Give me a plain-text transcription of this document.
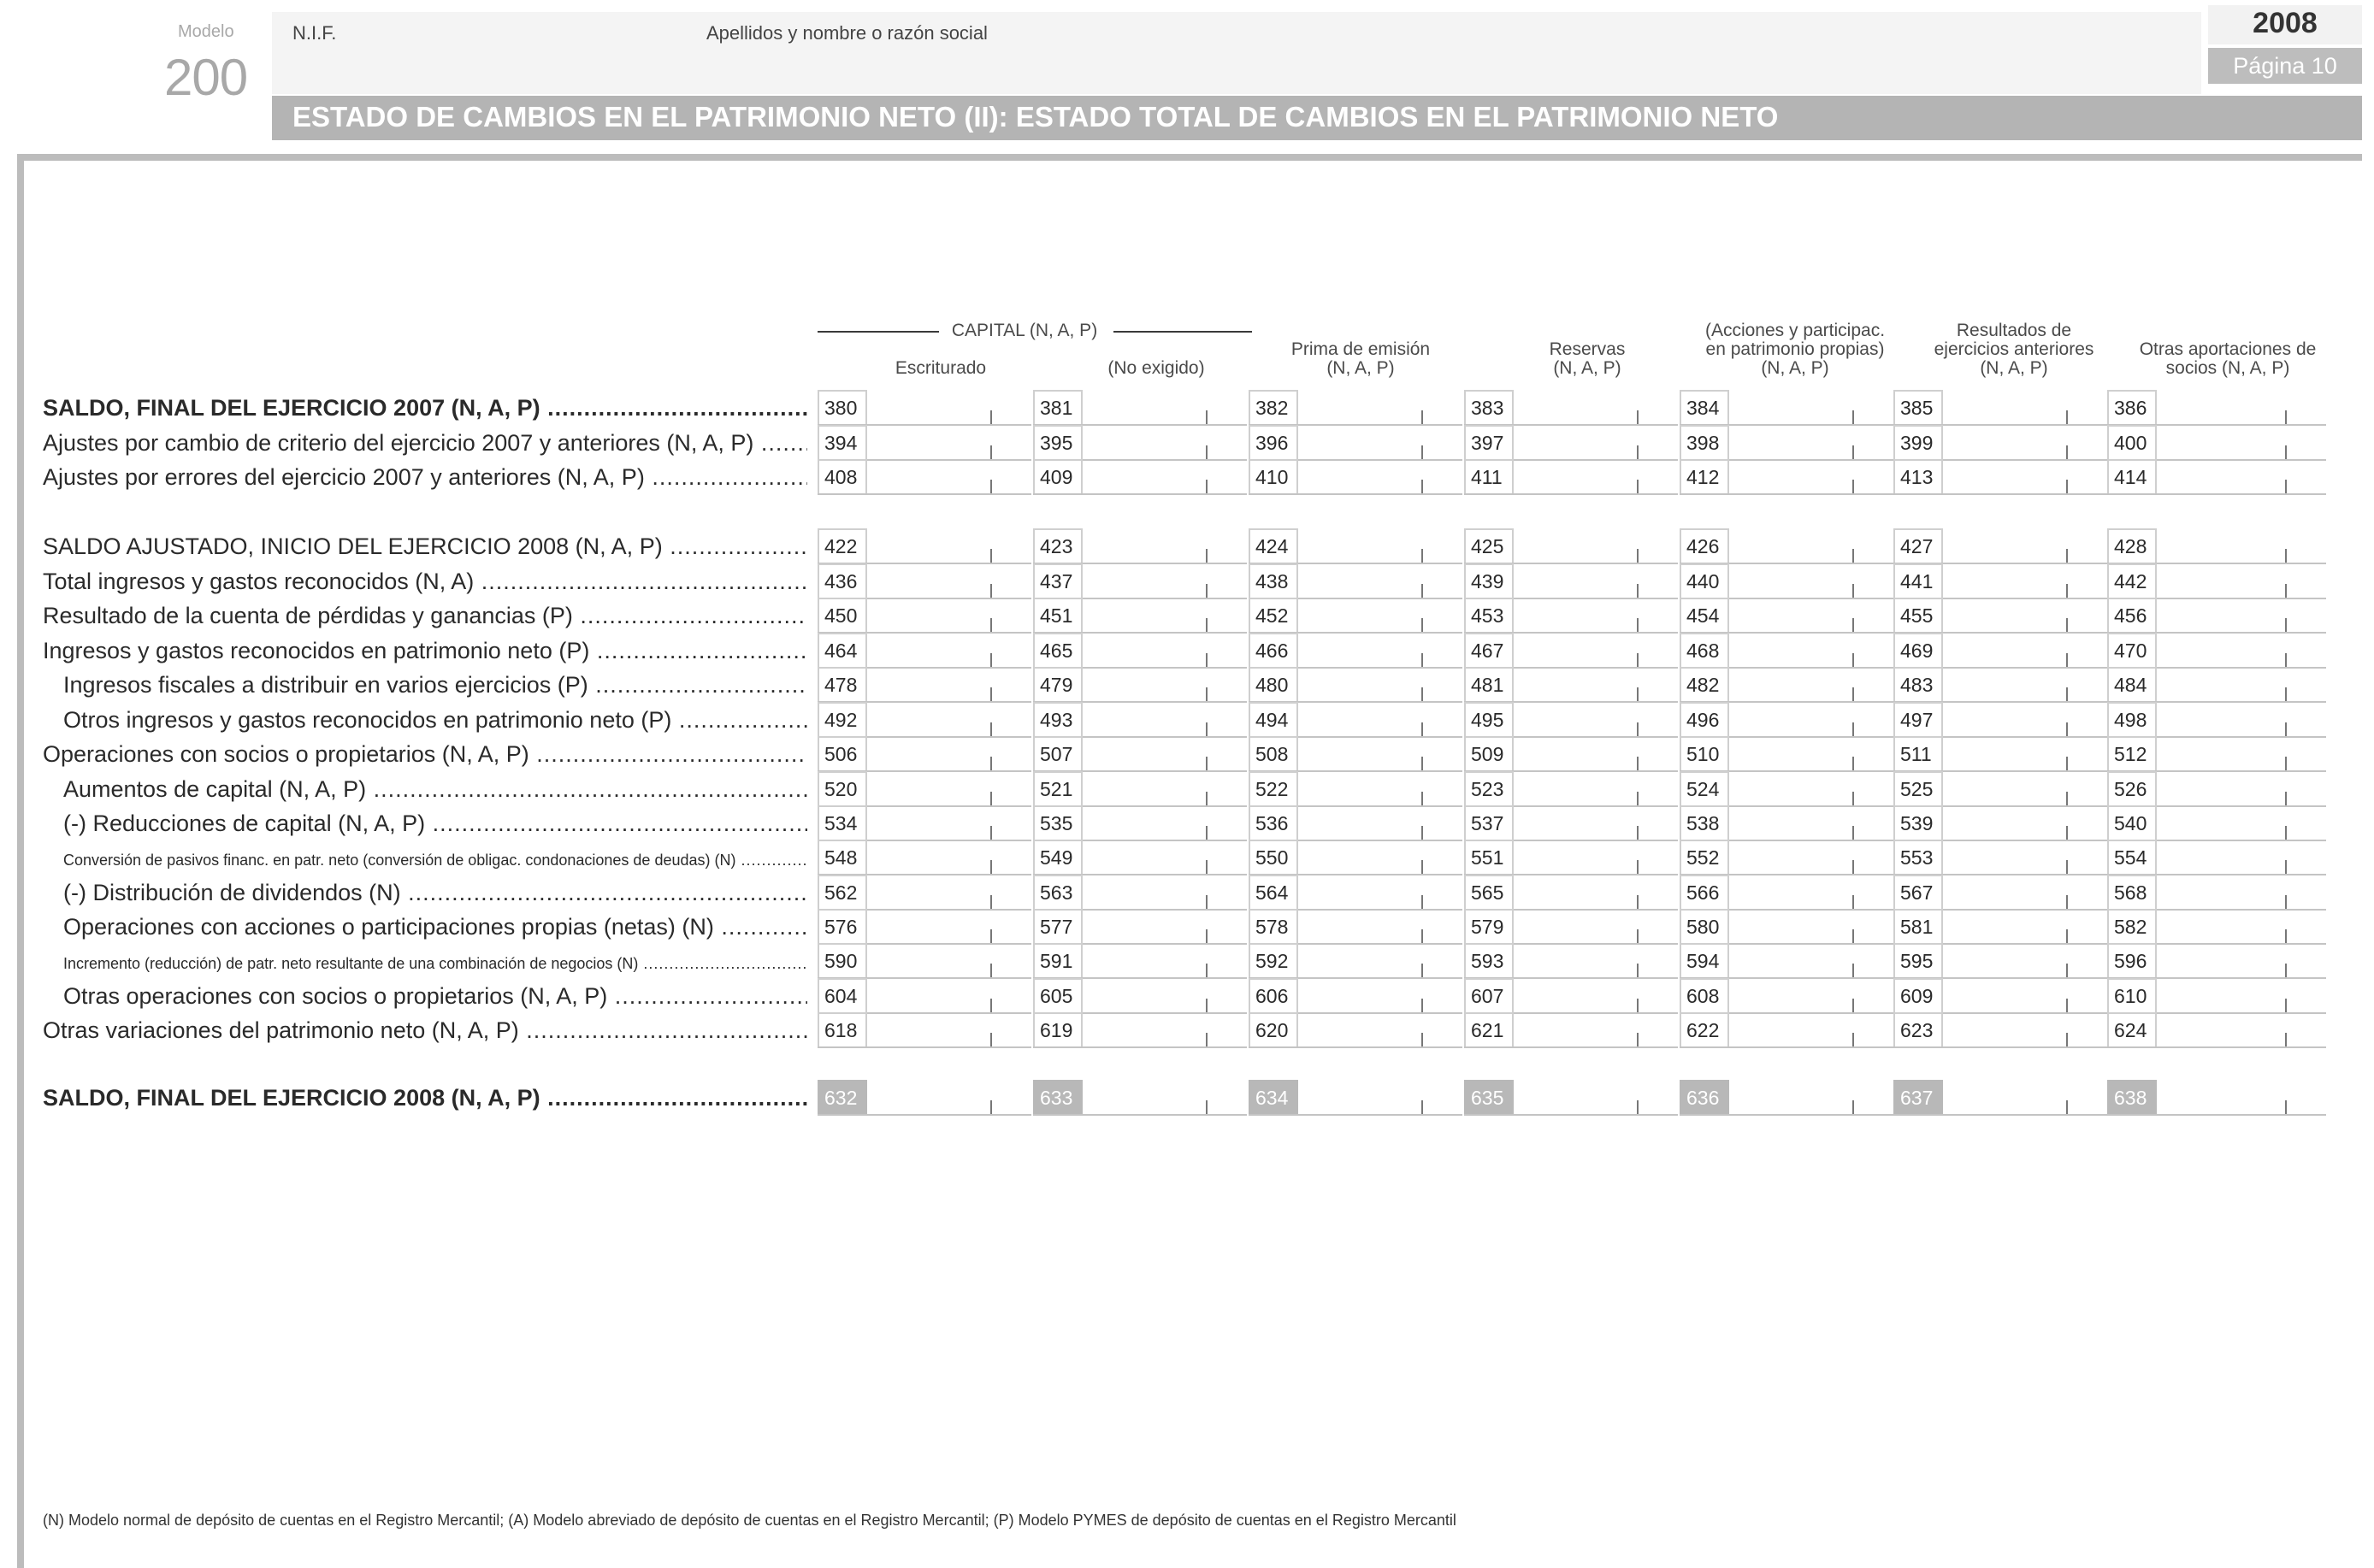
Modelo
200
N.I.F.	Apellidos y nombre o razón social	2008
Página 10
ESTADO DE CAMBIOS EN EL PATRIMONIO NETO (II): ESTADO TOTAL DE CAMBIOS EN EL PATRIMONIO NETO
CAPITAL (N, A, P)
Escriturado	(No exigido)
Prima de emisión
(N, A, P)
Reservas
(N, A, P)
(Acciones y participac.
en patrimonio propias)
(N, A, P)
Resultados de
ejercicios anteriores
(N, A, P)
Otras aportaciones de
socios (N, A, P)
SALDO, FINAL DEL EJERCICIO 2007 (N, A, P) .....	380	381	382	383	384	385	386
Ajustes por cambio de criterio del ejercicio 2007 y anteriores (N, A, P) .....	394	395	396	397	398	399	400
Ajustes por errores del ejercicio 2007 y anteriores (N, A, P) .....	408	409	410	411	412	413	414
SALDO AJUSTADO, INICIO DEL EJERCICIO 2008 (N, A, P) .....	422	423	424	425	426	427	428
Total ingresos y gastos reconocidos (N, A) .....	436	437	438	439	440	441	442
Resultado de la cuenta de pérdidas y ganancias (P) .....	450	451	452	453	454	455	456
Ingresos y gastos reconocidos en patrimonio neto (P) .....	464	465	466	467	468	469	470
Ingresos fiscales a distribuir en varios ejercicios (P) .....	478	479	480	481	482	483	484
Otros ingresos y gastos reconocidos en patrimonio neto (P) .....	492	493	494	495	496	497	498
Operaciones con socios o propietarios (N, A, P) .....	506	507	508	509	510	511	512
Aumentos de capital (N, A, P) .....	520	521	522	523	524	525	526
(-) Reducciones de capital (N, A, P) .....	534	535	536	537	538	539	540
Conversión de pasivos financ. en patr. neto (conversión de obligac. condonaciones de deudas) (N) .....	548	549	550	551	552	553	554
(-) Distribución de dividendos (N) .....	562	563	564	565	566	567	568
Operaciones con acciones o participaciones propias (netas) (N) .....	576	577	578	579	580	581	582
Incremento (reducción) de patr. neto resultante de una combinación de negocios (N) .....	590	591	592	593	594	595	596
Otras operaciones con socios o propietarios (N, A, P) .....	604	605	606	607	608	609	610
Otras variaciones del patrimonio neto (N, A, P) .....	618	619	620	621	622	623	624
SALDO, FINAL DEL EJERCICIO 2008 (N, A, P) .....	632	633	634	635	636	637	638
(N) Modelo normal de depósito de cuentas en el Registro Mercantil; (A) Modelo abreviado de depósito de cuentas en el Registro Mercantil; (P) Modelo PYMES de depósito de cuentas en el Registro Mercantil
